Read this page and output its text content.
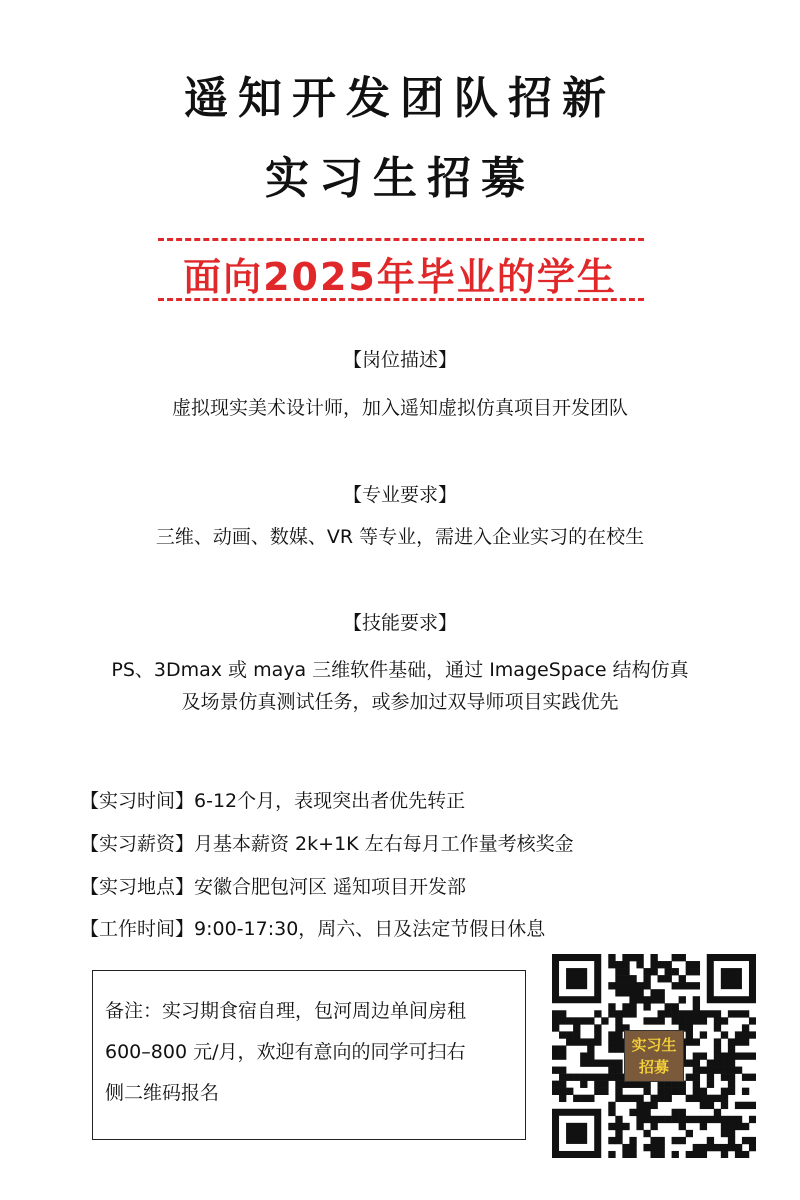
遥知开发团队招新
实习生招募
面向2025年毕业的学生
【岗位描述】
虚拟现实美术设计师，加入遥知虚拟仿真项目开发团队
【专业要求】
三维、动画、数媒、VR 等专业，需进入企业实习的在校生
【技能要求】
PS、3Dmax 或 maya 三维软件基础，通过 ImageSpace 结构仿真
及场景仿真测试任务，或参加过双导师项目实践优先
【实习时间】6-12个月，表现突出者优先转正
【实习薪资】月基本薪资 2k+1K 左右每月工作量考核奖金
【实习地点】安徽合肥包河区 遥知项目开发部
【工作时间】9:00-17:30，周六、日及法定节假日休息
备注：实习期食宿自理，包河周边单间房租
600–800 元/月，欢迎有意向的同学可扫右
侧二维码报名
实习生
招募
